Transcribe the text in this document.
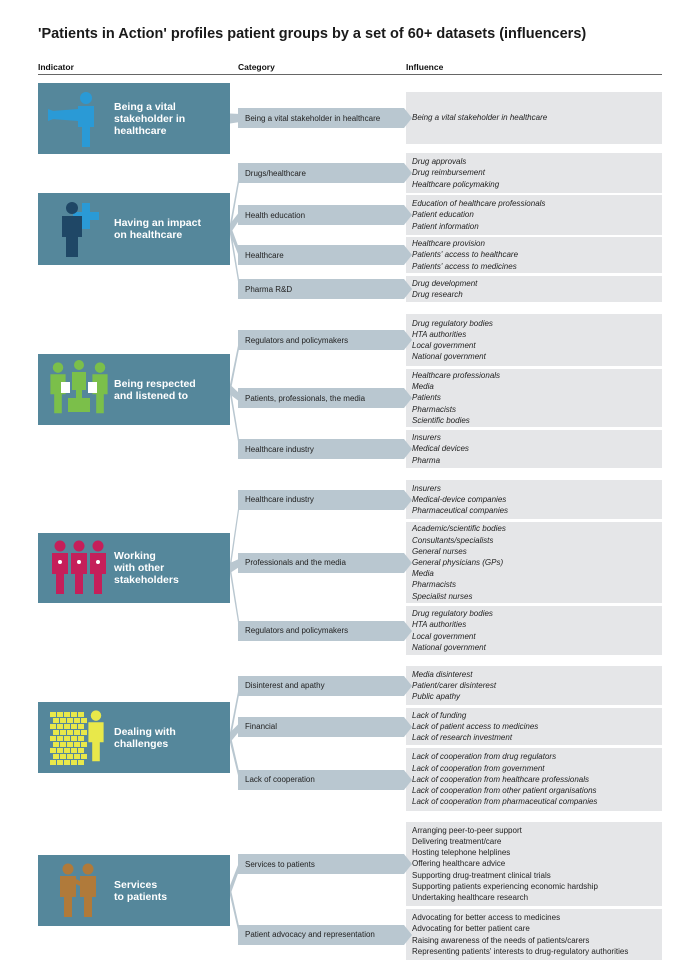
'Patients in Action' profiles patient groups by a set of 60+ datasets (influencers)
Indicator	Category	Influence
Being a vital
stakeholder in
healthcare
Being a vital stakeholder in healthcare
Being a vital stakeholder in healthcare
Having an impact
on healthcare
Drug approvals
Drug reimbursement
Healthcare policymaking
Drugs/healthcare
Education of healthcare professionals
Patient education
Patient information
Health education
Healthcare provision
Patients' access to healthcare
Patients' access to medicines
Healthcare
Drug development
Drug research
Pharma R&D
Being respected
and listened to
Drug regulatory bodies
HTA authorities
Local government
National government
Regulators and policymakers
Healthcare professionals
Media
Patients
Pharmacists
Scientific bodies
Patients, professionals, the media
Insurers
Medical devices
Pharma
Healthcare industry
Working
with other
stakeholders
Insurers
Medical-device companies
Pharmaceutical companies
Healthcare industry
Academic/scientific bodies
Consultants/specialists
General nurses
General physicians (GPs)
Media
Pharmacists
Specialist nurses
Professionals and the media
Drug regulatory bodies
HTA authorities
Local government
National government
Regulators and policymakers
Dealing with
challenges
Media disinterest
Patient/carer disinterest
Public apathy
Disinterest and apathy
Lack of funding
Lack of patient access to medicines
Lack of research investment
Financial
Lack of cooperation from drug regulators
Lack of cooperation from government
Lack of cooperation from healthcare professionals
Lack of cooperation from other patient organisations
Lack of cooperation from pharmaceutical companies
Lack of cooperation
Services
to patients
Arranging peer-to-peer support
Delivering treatment/care
Hosting telephone helplines
Offering healthcare advice
Supporting drug-treatment clinical trials
Supporting patients experiencing economic hardship
Undertaking healthcare research
Services to patients
Advocating for better access to medicines
Advocating for better patient care
Raising awareness of the needs of patients/carers
Representing patients' interests to drug-regulatory authorities
Patient advocacy and representation
